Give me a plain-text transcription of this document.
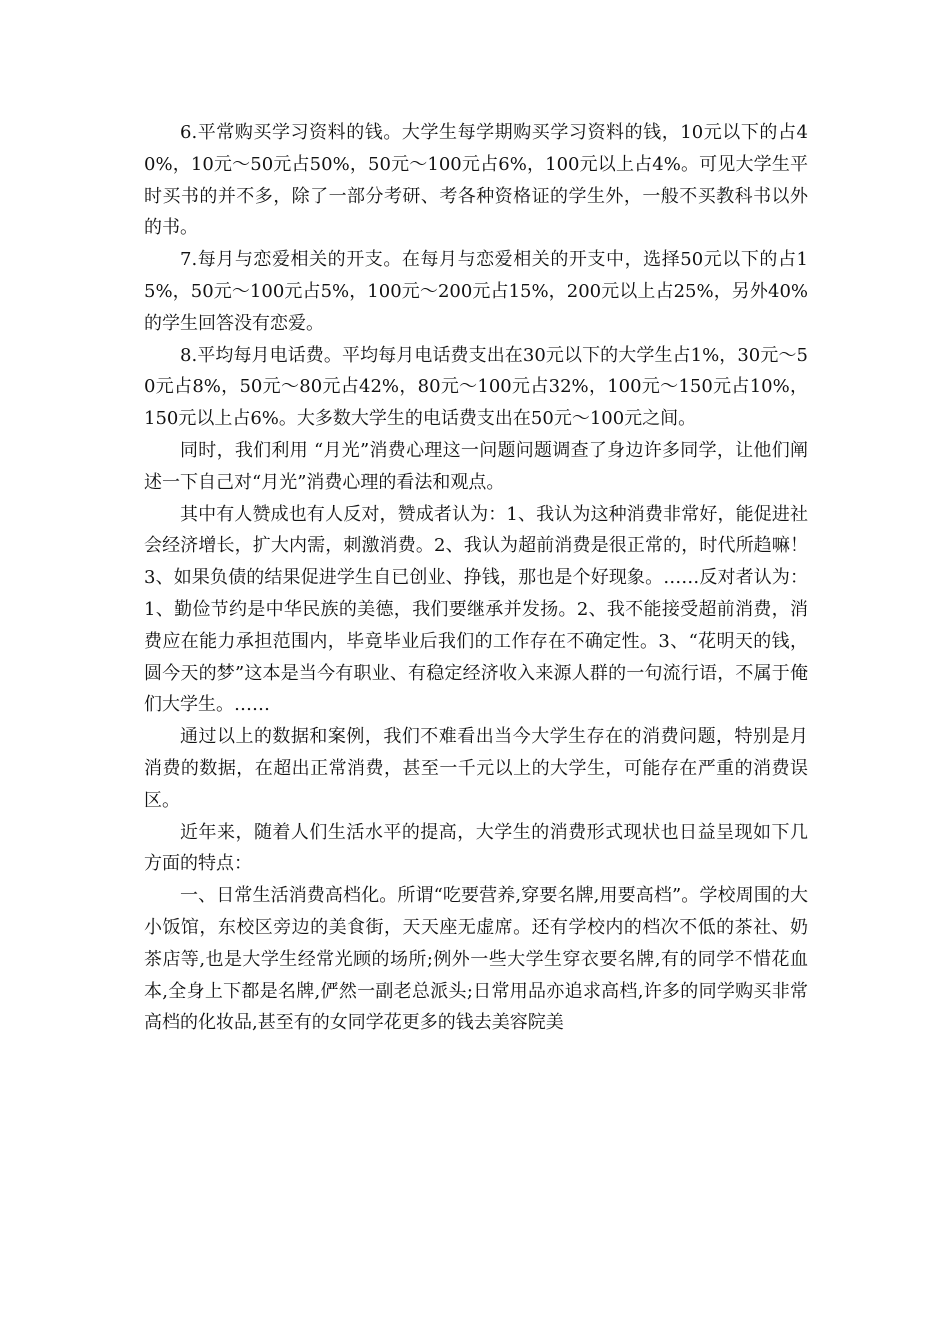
6.平常购买学习资料的钱。大学生每学期购买学习资料的钱，10元以下的占40%，10元～50元占50%，50元～100元占6%，100元以上占4%。可见大学生平时买书的并不多，除了一部分考研、考各种资格证的学生外，一般不买教科书以外的书。

7.每月与恋爱相关的开支。在每月与恋爱相关的开支中，选择50元以下的占15%，50元～100元占5%，100元～200元占15%，200元以上占25%，另外40%的学生回答没有恋爱。

8.平均每月电话费。平均每月电话费支出在30元以下的大学生占1%，30元～50元占8%，50元～80元占42%，80元～100元占32%，100元～150元占10%，150元以上占6%。大多数大学生的电话费支出在50元～100元之间。

同时，我们利用 “月光”消费心理这一问题问题调查了身边许多同学，让他们阐述一下自己对“月光”消费心理的看法和观点。

其中有人赞成也有人反对，赞成者认为：1、我认为这种消费非常好，能促进社会经济增长，扩大内需，刺激消费。2、我认为超前消费是很正常的，时代所趋嘛！3、如果负债的结果促进学生自已创业、挣钱，那也是个好现象。……反对者认为：1、勤俭节约是中华民族的美德，我们要继承并发扬。2、我不能接受超前消费，消费应在能力承担范围内，毕竟毕业后我们的工作存在不确定性。3、“花明天的钱，圆今天的梦”这本是当今有职业、有稳定经济收入来源人群的一句流行语，不属于俺们大学生。……

通过以上的数据和案例，我们不难看出当今大学生存在的消费问题，特别是月消费的数据，在超出正常消费，甚至一千元以上的大学生，可能存在严重的消费误区。

近年来，随着人们生活水平的提高，大学生的消费形式现状也日益呈现如下几方面的特点：

一、日常生活消费高档化。所谓“吃要营养,穿要名牌,用要高档”。学校周围的大小饭馆，东校区旁边的美食街，天天座无虚席。还有学校内的档次不低的茶社、奶茶店等,也是大学生经常光顾的场所;例外一些大学生穿衣要名牌,有的同学不惜花血本,全身上下都是名牌,俨然一副老总派头;日常用品亦追求高档,许多的同学购买非常高档的化妆品,甚至有的女同学花更多的钱去美容院美
